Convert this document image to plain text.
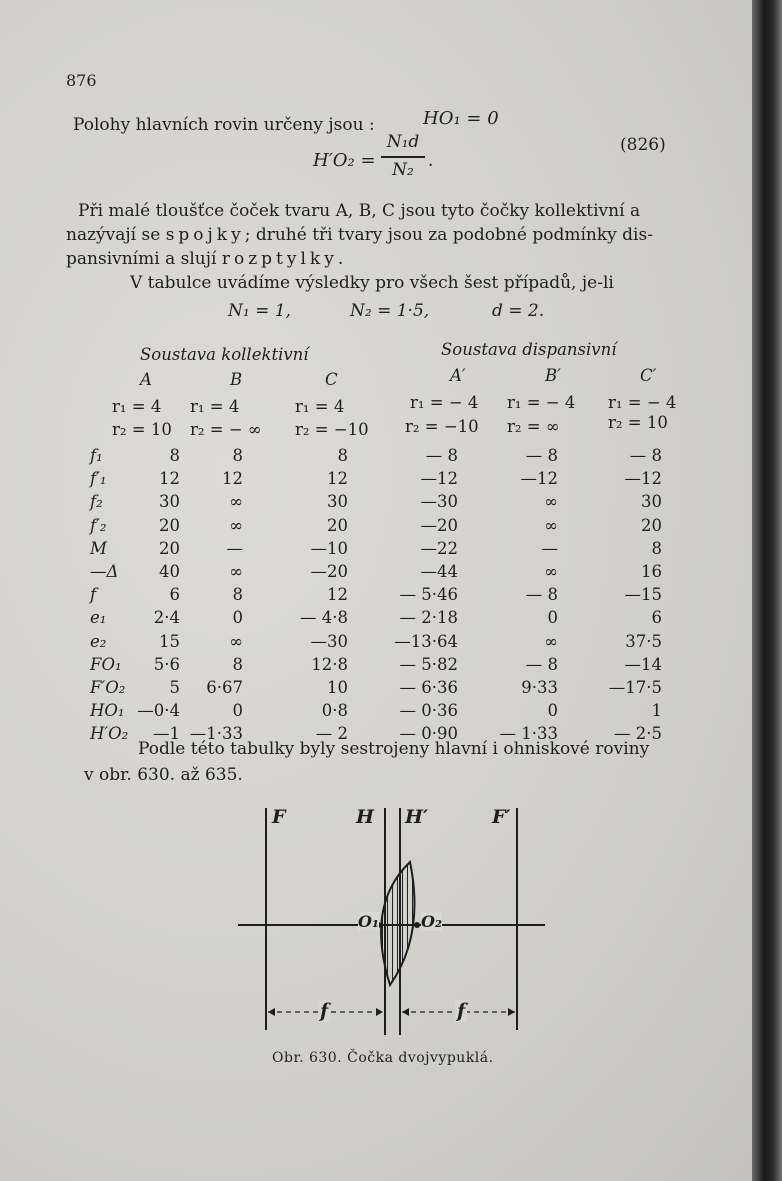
876
Polohy hlavních rovin určeny jsou :	HO₁ = 0
H′O₂ =
N₁d
N₂ .
(826)
Při malé tloušťce čoček tvaru A, B, C jsou tyto čočky kollektivní a
nazývají se spojky; druhé tři tvary jsou za podobné podmínky dis-
pansivními a slují rozptylky.
V tabulce uvádíme výsledky pro všech šest případů, je-li
N₁ = 1,	N₂ = 1·5,	d = 2.
Soustava kollektivní	Soustava dispansivní
A	B	C	A′	B′	C′
r₁ = 4 r₁ = 4	r₁ = 4	r₁ = − 4 r₁ = − 4 r₁ = − 4
r₂ = 10 r₂ = − ∞ r₂ = −10 r₂ = −10 r₂ = ∞	r₂ = 10
f₁	8	8	8	— 8	— 8	— 8
f′₁	12	12	12	—12	—12	—12
f₂	30	∞	30	—30	∞	30
f′₂	20	∞	20	—20	∞	20
M	20	—	—10	—22	—	8
—Δ	40	∞	—20	—44	∞	16
f	6	8	12	— 5·46	— 8	—15
e₁	2·4	0	— 4·8	— 2·18	0	6
e₂	15	∞	—30	—13·64	∞	37·5
FO₁	5·6	8	12·8	— 5·82	— 8	—14
F′O₂	5	6·67	10	— 6·36	9·33	—17·5
HO₁ —0·4	0	0·8	— 0·36	0	1
H′O₂	—1 —1·33	— 2	— 0·90	— 1·33	— 2·5
Podle této tabulky byly sestrojeny hlavní i ohniskové roviny
v obr. 630. až 635.
F	H H′	F′
O₁	O₂
f	f
Obr. 630. Čočka dvojvypuklá.
